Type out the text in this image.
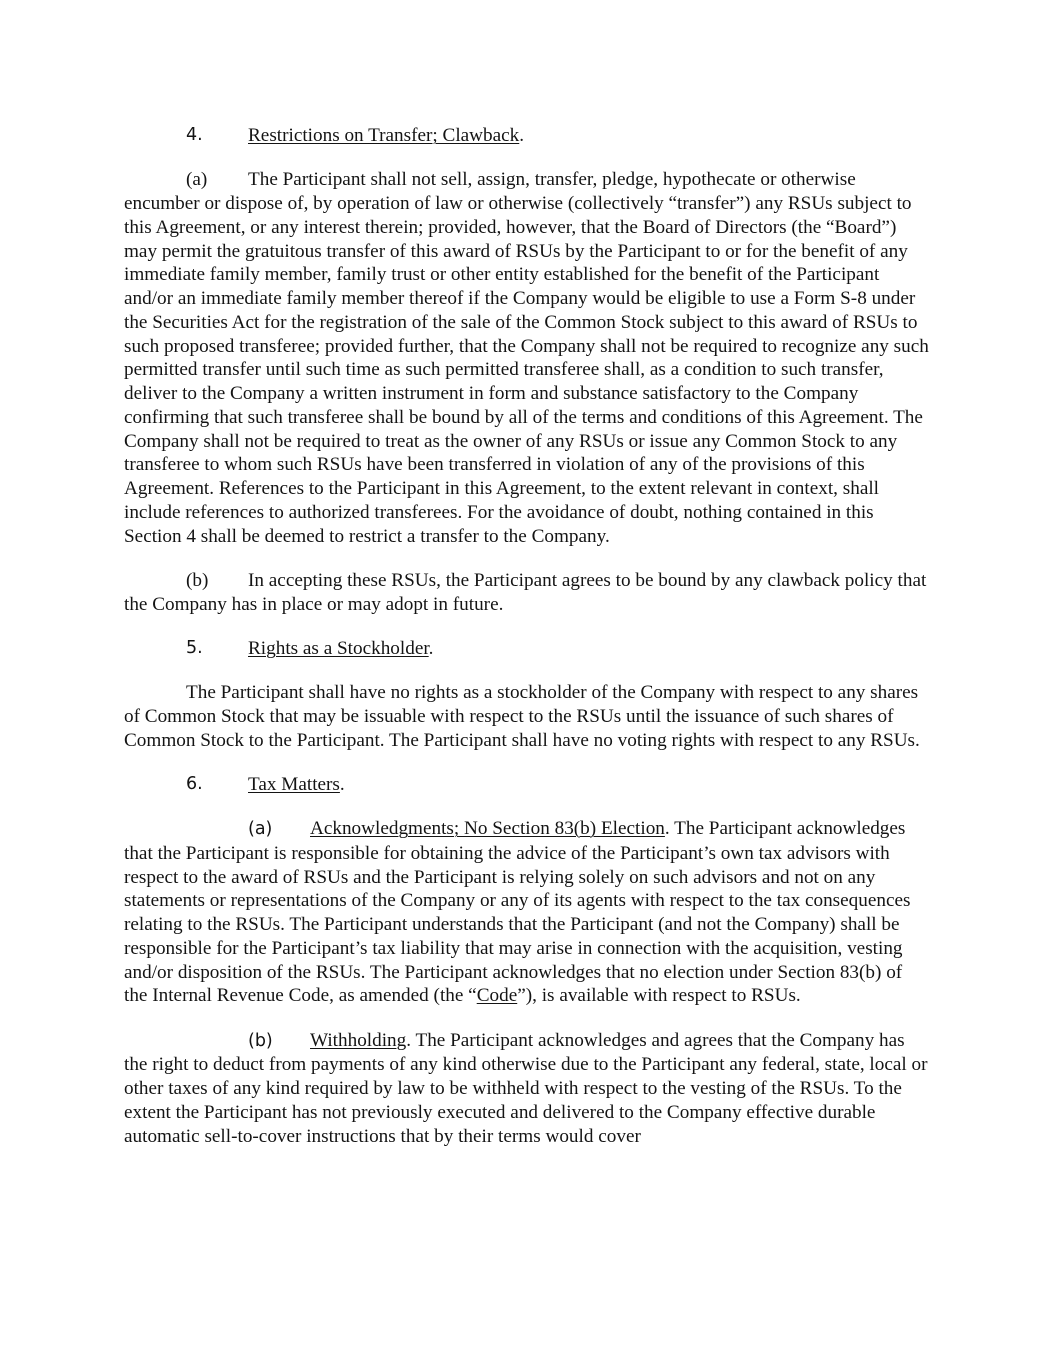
4. Restrictions on Transfer; Clawback.

(a) The Participant shall not sell, assign, transfer, pledge, hypothecate or otherwise encumber or dispose of, by operation of law or otherwise (collectively “transfer”) any RSUs subject to this Agreement, or any interest therein; provided, however, that the Board of Directors (the “Board”) may permit the gratuitous transfer of this award of RSUs by the Participant to or for the benefit of any immediate family member, family trust or other entity established for the benefit of the Participant and/or an immediate family member thereof if the Company would be eligible to use a Form S-8 under the Securities Act for the registration of the sale of the Common Stock subject to this award of RSUs to such proposed transferee; provided further, that the Company shall not be required to recognize any such permitted transfer until such time as such permitted transferee shall, as a condition to such transfer, deliver to the Company a written instrument in form and substance satisfactory to the Company confirming that such transferee shall be bound by all of the terms and conditions of this Agreement. The Company shall not be required to treat as the owner of any RSUs or issue any Common Stock to any transferee to whom such RSUs have been transferred in violation of any of the provisions of this Agreement. References to the Participant in this Agreement, to the extent relevant in context, shall include references to authorized transferees. For the avoidance of doubt, nothing contained in this Section 4 shall be deemed to restrict a transfer to the Company.

(b) In accepting these RSUs, the Participant agrees to be bound by any clawback policy that the Company has in place or may adopt in future.

5. Rights as a Stockholder.

The Participant shall have no rights as a stockholder of the Company with respect to any shares of Common Stock that may be issuable with respect to the RSUs until the issuance of such shares of Common Stock to the Participant. The Participant shall have no voting rights with respect to any RSUs.

6. Tax Matters.

(a) Acknowledgments; No Section 83(b) Election. The Participant acknowledges that the Participant is responsible for obtaining the advice of the Participant’s own tax advisors with respect to the award of RSUs and the Participant is relying solely on such advisors and not on any statements or representations of the Company or any of its agents with respect to the tax consequences relating to the RSUs. The Participant understands that the Participant (and not the Company) shall be responsible for the Participant’s tax liability that may arise in connection with the acquisition, vesting and/or disposition of the RSUs. The Participant acknowledges that no election under Section 83(b) of the Internal Revenue Code, as amended (the “Code”), is available with respect to RSUs.

(b) Withholding. The Participant acknowledges and agrees that the Company has the right to deduct from payments of any kind otherwise due to the Participant any federal, state, local or other taxes of any kind required by law to be withheld with respect to the vesting of the RSUs. To the extent the Participant has not previously executed and delivered to the Company effective durable automatic sell-to-cover instructions that by their terms would cover
